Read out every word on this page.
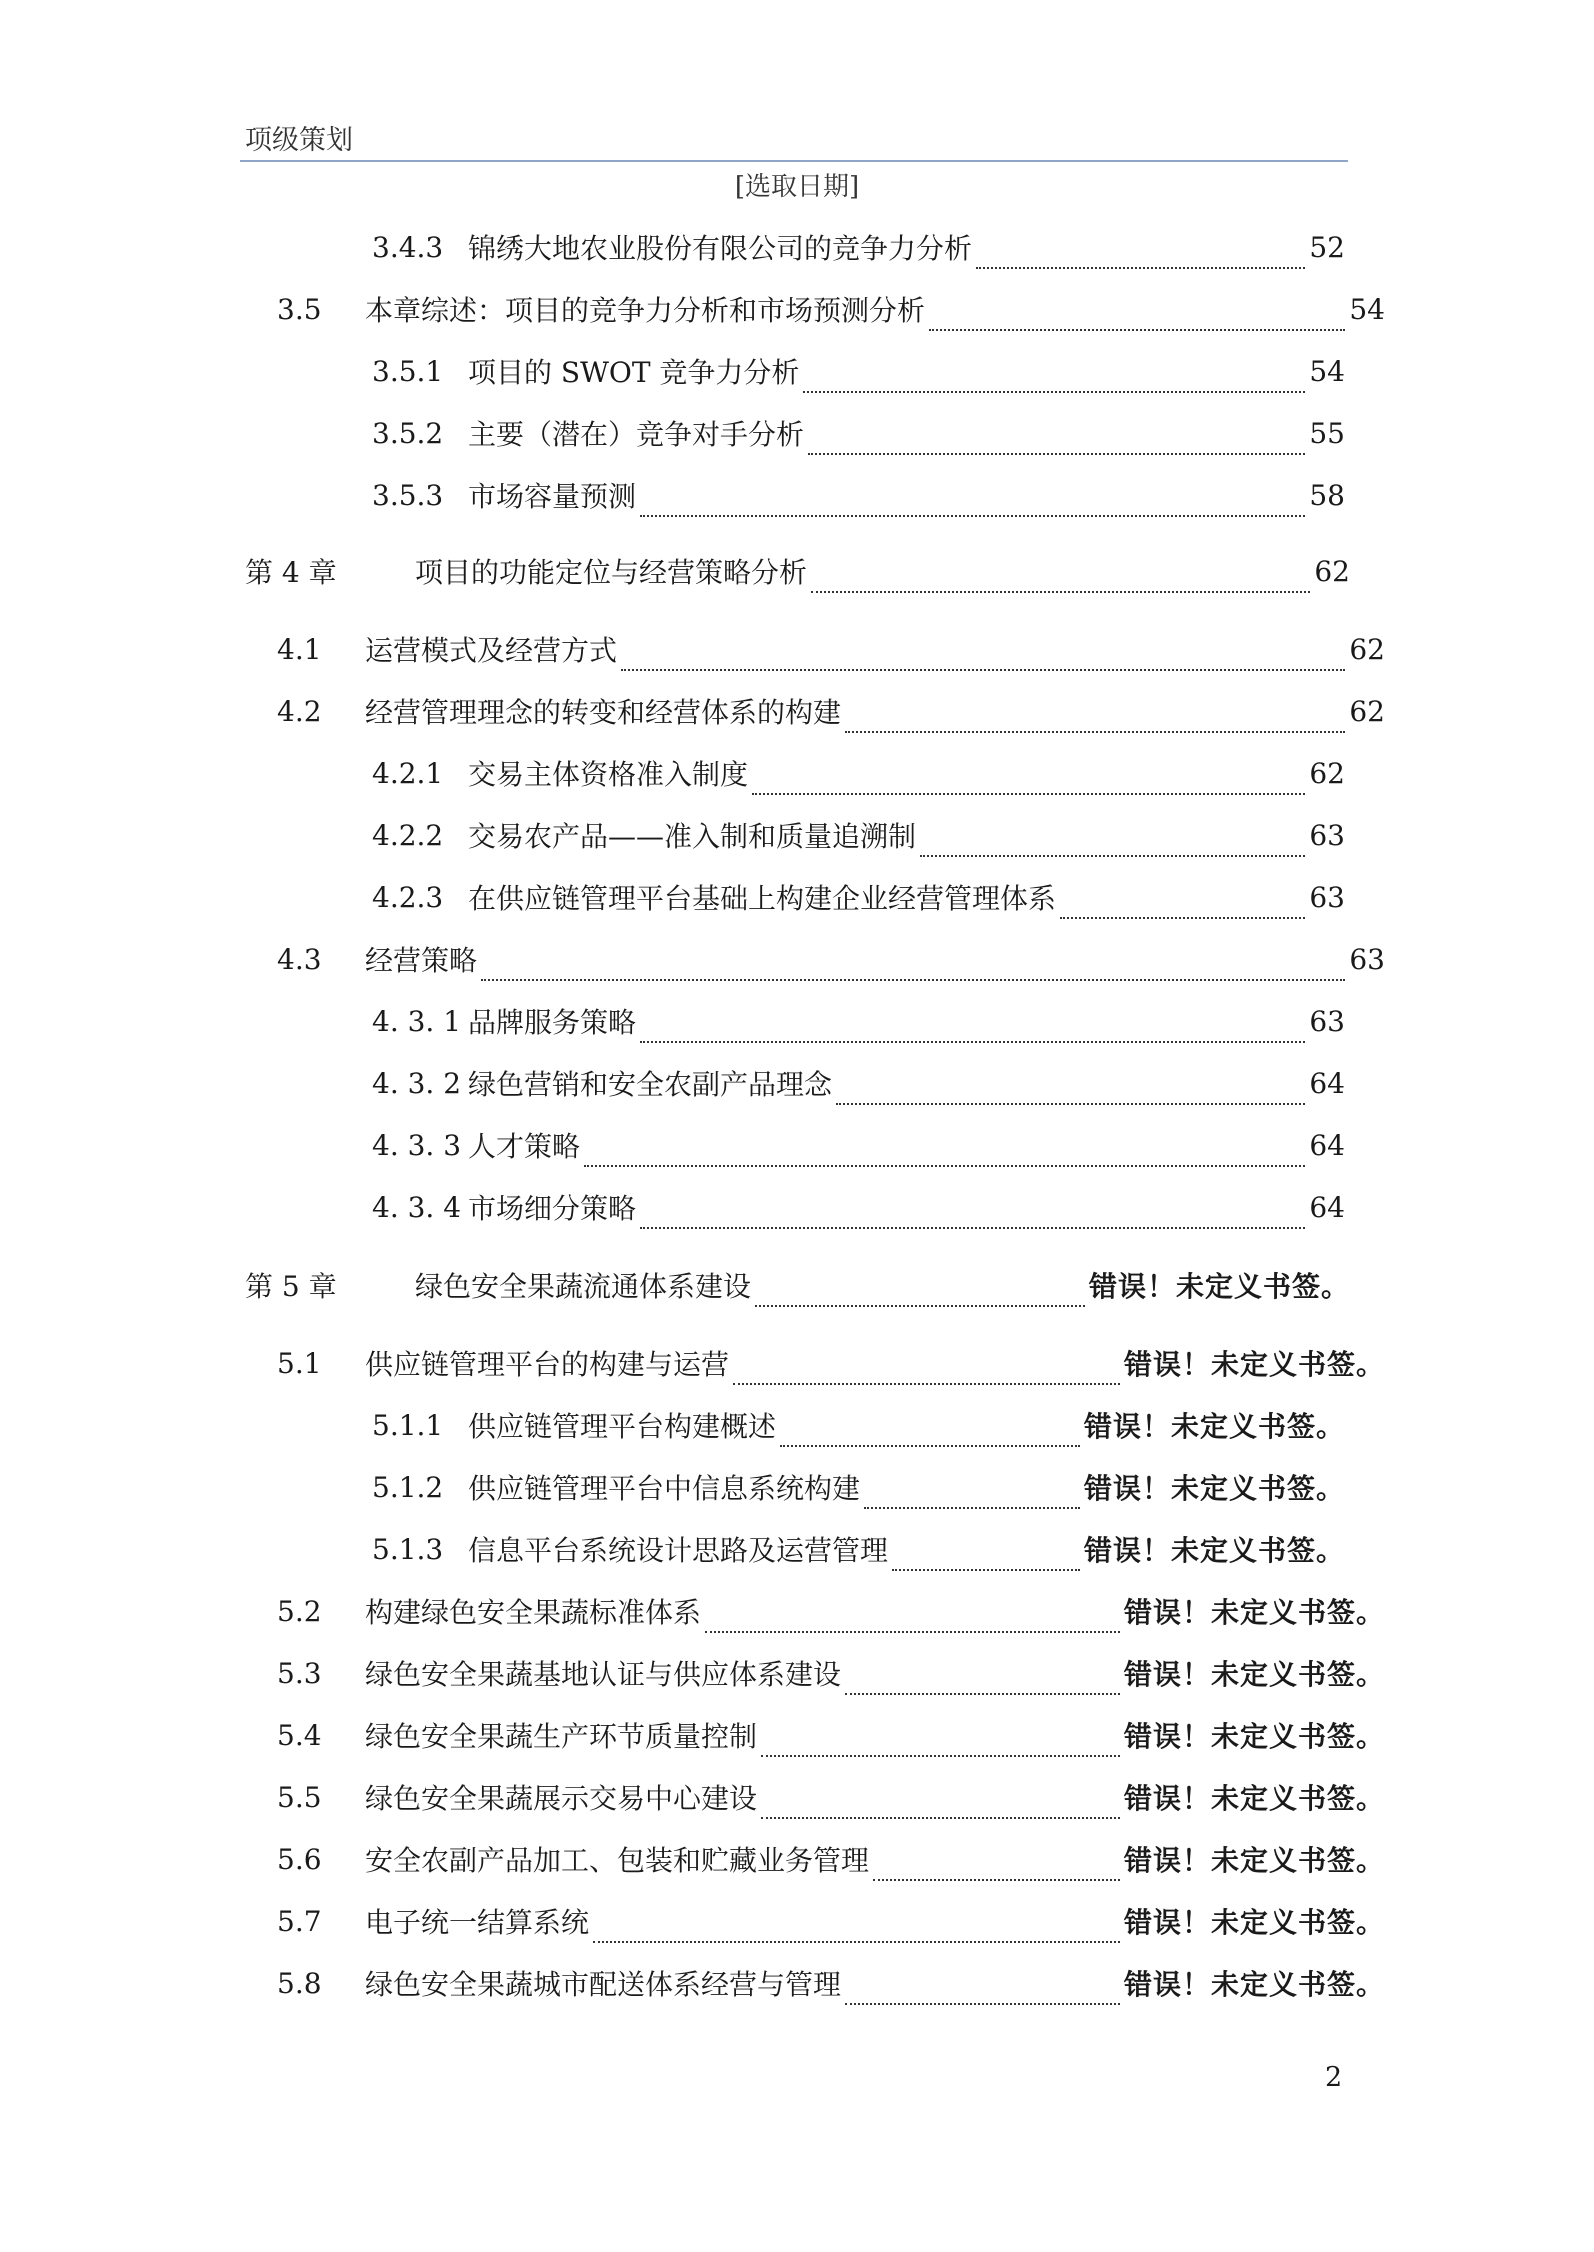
项级策划
[选取日期]
3.4.3 锦绣大地农业股份有限公司的竞争力分析	52
3.5	本章综述：项目的竞争力分析和市场预测分析	54
3.5.1 项目的 SWOT 竞争力分析	54
3.5.2 主要（潜在）竞争对手分析	55
3.5.3 市场容量预测	58
第 4 章	项目的功能定位与经营策略分析	62
4.1	运营模式及经营方式	62
4.2	经营管理理念的转变和经营体系的构建	62
4.2.1 交易主体资格准入制度	62
4.2.2 交易农产品——准入制和质量追溯制	63
4.2.3 在供应链管理平台基础上构建企业经营管理体系	63
4.3	经营策略	63
4. 3. 1 品牌服务策略	63
4. 3. 2 绿色营销和安全农副产品理念	64
4. 3. 3 人才策略	64
4. 3. 4 市场细分策略	64
第 5 章	绿色安全果蔬流通体系建设	错误！未定义书签。
5.1	供应链管理平台的构建与运营	错误！未定义书签。
5.1.1 供应链管理平台构建概述	错误！未定义书签。
5.1.2 供应链管理平台中信息系统构建	错误！未定义书签。
5.1.3 信息平台系统设计思路及运营管理	错误！未定义书签。
5.2	构建绿色安全果蔬标准体系	错误！未定义书签。
5.3	绿色安全果蔬基地认证与供应体系建设	错误！未定义书签。
5.4	绿色安全果蔬生产环节质量控制	错误！未定义书签。
5.5	绿色安全果蔬展示交易中心建设	错误！未定义书签。
5.6	安全农副产品加工、包装和贮藏业务管理	错误！未定义书签。
5.7	电子统一结算系统	错误！未定义书签。
5.8	绿色安全果蔬城市配送体系经营与管理	错误！未定义书签。
2
